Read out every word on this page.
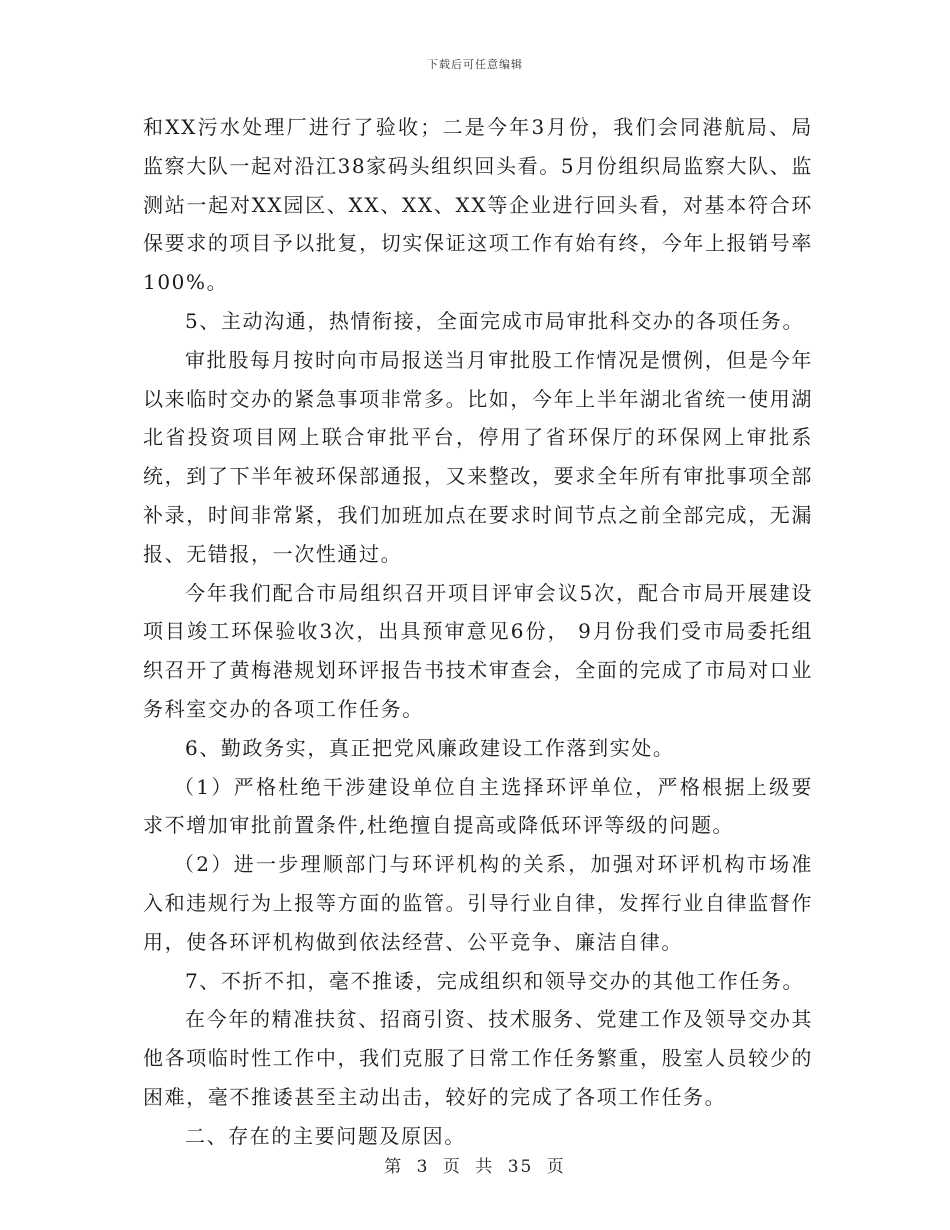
下载后可任意编辑

和XX污水处理厂进行了验收；二是今年3月份，我们会同港航局、局监察大队一起对沿江38家码头组织回头看。5月份组织局监察大队、监测站一起对XX园区、XX、XX、XX等企业进行回头看，对基本符合环保要求的项目予以批复，切实保证这项工作有始有终，今年上报销号率100%。

5、主动沟通，热情衔接，全面完成市局审批科交办的各项任务。

审批股每月按时向市局报送当月审批股工作情况是惯例，但是今年以来临时交办的紧急事项非常多。比如，今年上半年湖北省统一使用湖北省投资项目网上联合审批平台，停用了省环保厅的环保网上审批系统，到了下半年被环保部通报，又来整改，要求全年所有审批事项全部补录，时间非常紧，我们加班加点在要求时间节点之前全部完成，无漏报、无错报，一次性通过。

今年我们配合市局组织召开项目评审会议5次，配合市局开展建设项目竣工环保验收3次，出具预审意见6份， 9月份我们受市局委托组织召开了黄梅港规划环评报告书技术审查会，全面的完成了市局对口业务科室交办的各项工作任务。

6、勤政务实，真正把党风廉政建设工作落到实处。

（1）严格杜绝干涉建设单位自主选择环评单位，严格根据上级要求不增加审批前置条件,杜绝擅自提高或降低环评等级的问题。

（2）进一步理顺部门与环评机构的关系，加强对环评机构市场准入和违规行为上报等方面的监管。引导行业自律，发挥行业自律监督作用，使各环评机构做到依法经营、公平竞争、廉洁自律。

7、不折不扣，毫不推诿，完成组织和领导交办的其他工作任务。

在今年的精准扶贫、招商引资、技术服务、党建工作及领导交办其他各项临时性工作中，我们克服了日常工作任务繁重，股室人员较少的困难，毫不推诿甚至主动出击，较好的完成了各项工作任务。

二、存在的主要问题及原因。

第 3 页 共 35 页
